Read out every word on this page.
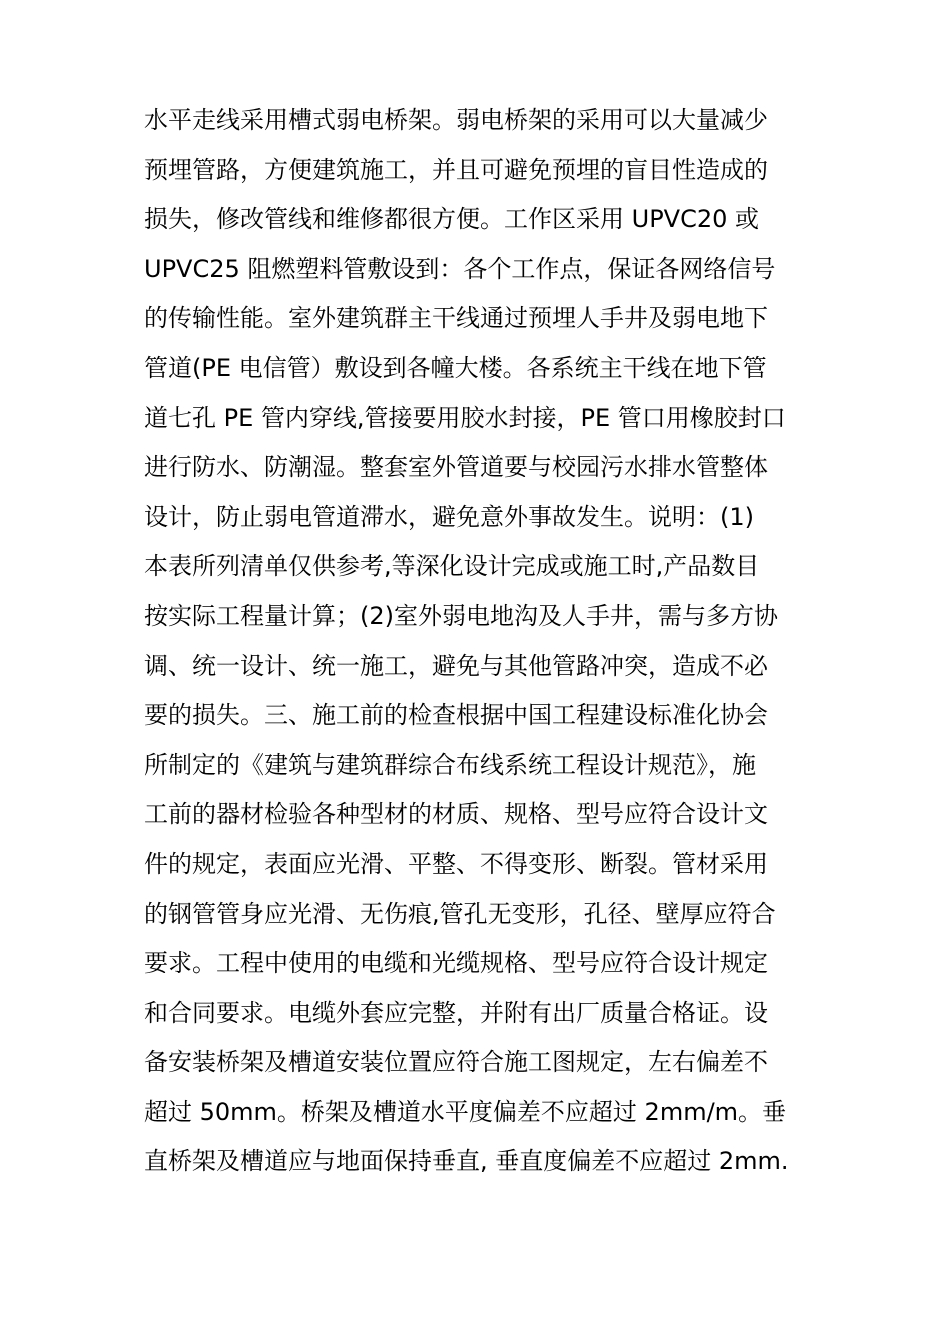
水平走线采用槽式弱电桥架。弱电桥架的采用可以大量减少
预埋管路，方便建筑施工，并且可避免预埋的盲目性造成的
损失，修改管线和维修都很方便。工作区采用 UPVC20 或
UPVC25 阻燃塑料管敷设到：各个工作点，保证各网络信号
的传输性能。室外建筑群主干线通过预埋人手井及弱电地下
管道(PE 电信管）敷设到各幢大楼。各系统主干线在地下管
道七孔 PE 管内穿线,管接要用胶水封接，PE 管口用橡胶封口
进行防水、防潮湿。整套室外管道要与校园污水排水管整体
设计，防止弱电管道滞水，避免意外事故发生。说明：(1)
本表所列清单仅供参考,等深化设计完成或施工时,产品数目
按实际工程量计算；(2)室外弱电地沟及人手井，需与多方协
调、统一设计、统一施工，避免与其他管路冲突，造成不必
要的损失。三、施工前的检查根据中国工程建设标准化协会
所制定的《建筑与建筑群综合布线系统工程设计规范》，施
工前的器材检验各种型材的材质、规格、型号应符合设计文
件的规定，表面应光滑、平整、不得变形、断裂。管材采用
的钢管管身应光滑、无伤痕,管孔无变形，孔径、壁厚应符合
要求。工程中使用的电缆和光缆规格、型号应符合设计规定
和合同要求。电缆外套应完整，并附有出厂质量合格证。设
备安装桥架及槽道安装位置应符合施工图规定，左右偏差不
超过 50mm。桥架及槽道水平度偏差不应超过 2mm/m。垂
直桥架及槽道应与地面保持垂直, 垂直度偏差不应超过 2mm.
